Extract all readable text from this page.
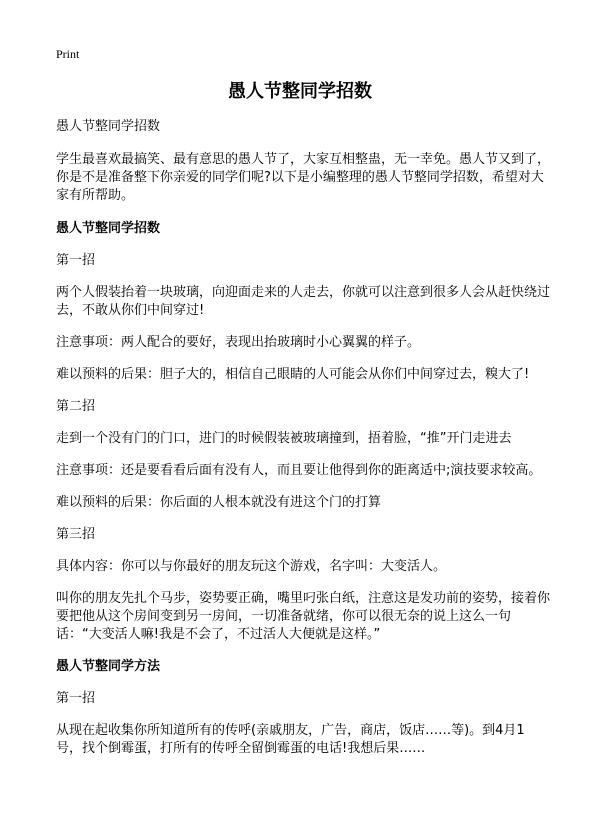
Print
愚人节整同学招数

愚人节整同学招数

学生最喜欢最搞笑、最有意思的愚人节了，大家互相整蛊，无一幸免。愚人节又到了，你是不是准备整下你亲爱的同学们呢?以下是小编整理的愚人节整同学招数，希望对大家有所帮助。

愚人节整同学招数

第一招

两个人假装抬着一块玻璃，向迎面走来的人走去，你就可以注意到很多人会从赶快绕过去，不敢从你们中间穿过!

注意事项：两人配合的要好，表现出抬玻璃时小心翼翼的样子。

难以预料的后果：胆子大的，相信自己眼睛的人可能会从你们中间穿过去，糗大了!

第二招

走到一个没有门的门口，进门的时候假装被玻璃撞到，捂着脸，“推”开门走进去

注意事项：还是要看看后面有没有人，而且要让他得到你的距离适中;演技要求较高。

难以预料的后果：你后面的人根本就没有进这个门的打算

第三招

具体内容：你可以与你最好的朋友玩这个游戏，名字叫：大变活人。

叫你的朋友先扎个马步，姿势要正确，嘴里叼张白纸，注意这是发功前的姿势，接着你要把他从这个房间变到另一房间，一切准备就绪，你可以很无奈的说上这么一句话：“大变活人嘛!我是不会了，不过活人大便就是这样。”

愚人节整同学方法

第一招

从现在起收集你所知道所有的传呼(亲戚朋友，广告，商店，饭店……等)。到4月1号，找个倒霉蛋，打所有的传呼全留倒霉蛋的电话!我想后果……
